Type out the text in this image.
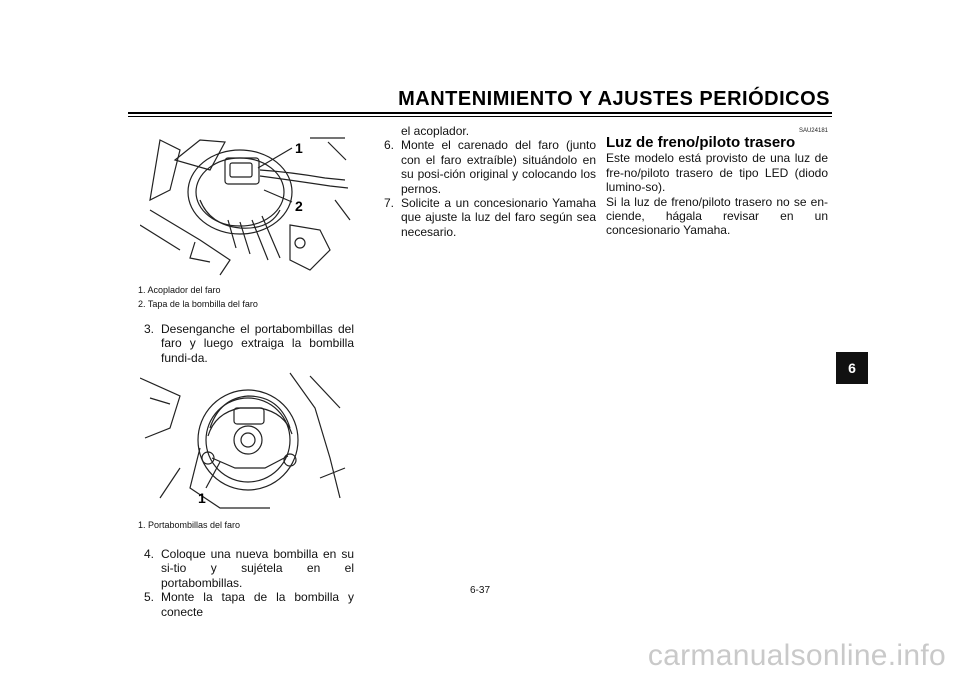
MANTENIMIENTO Y AJUSTES PERIÓDICOS
6
1
2
1. Acoplador del faro
2. Tapa de la bombilla del faro
3. Desenganche el portabombillas del faro y luego extraiga la bombilla fundi-da.
1
1. Portabombillas del faro
4. Coloque una nueva bombilla en su si-tio y sujétela en el portabombillas.
5. Monte la tapa de la bombilla y conecte
el acoplador.
6. Monte el carenado del faro (junto con el faro extraíble) situándolo en su posi-ción original y colocando los pernos.
7. Solicite a un concesionario Yamaha que ajuste la luz del faro según sea necesario.
SAU24181
Luz de freno/piloto trasero
Este modelo está provisto de una luz de fre-no/piloto trasero de tipo LED (diodo lumino-so).
Si la luz de freno/piloto trasero no se en-ciende, hágala revisar en un concesionario Yamaha.
6-37
carmanualsonline.info
